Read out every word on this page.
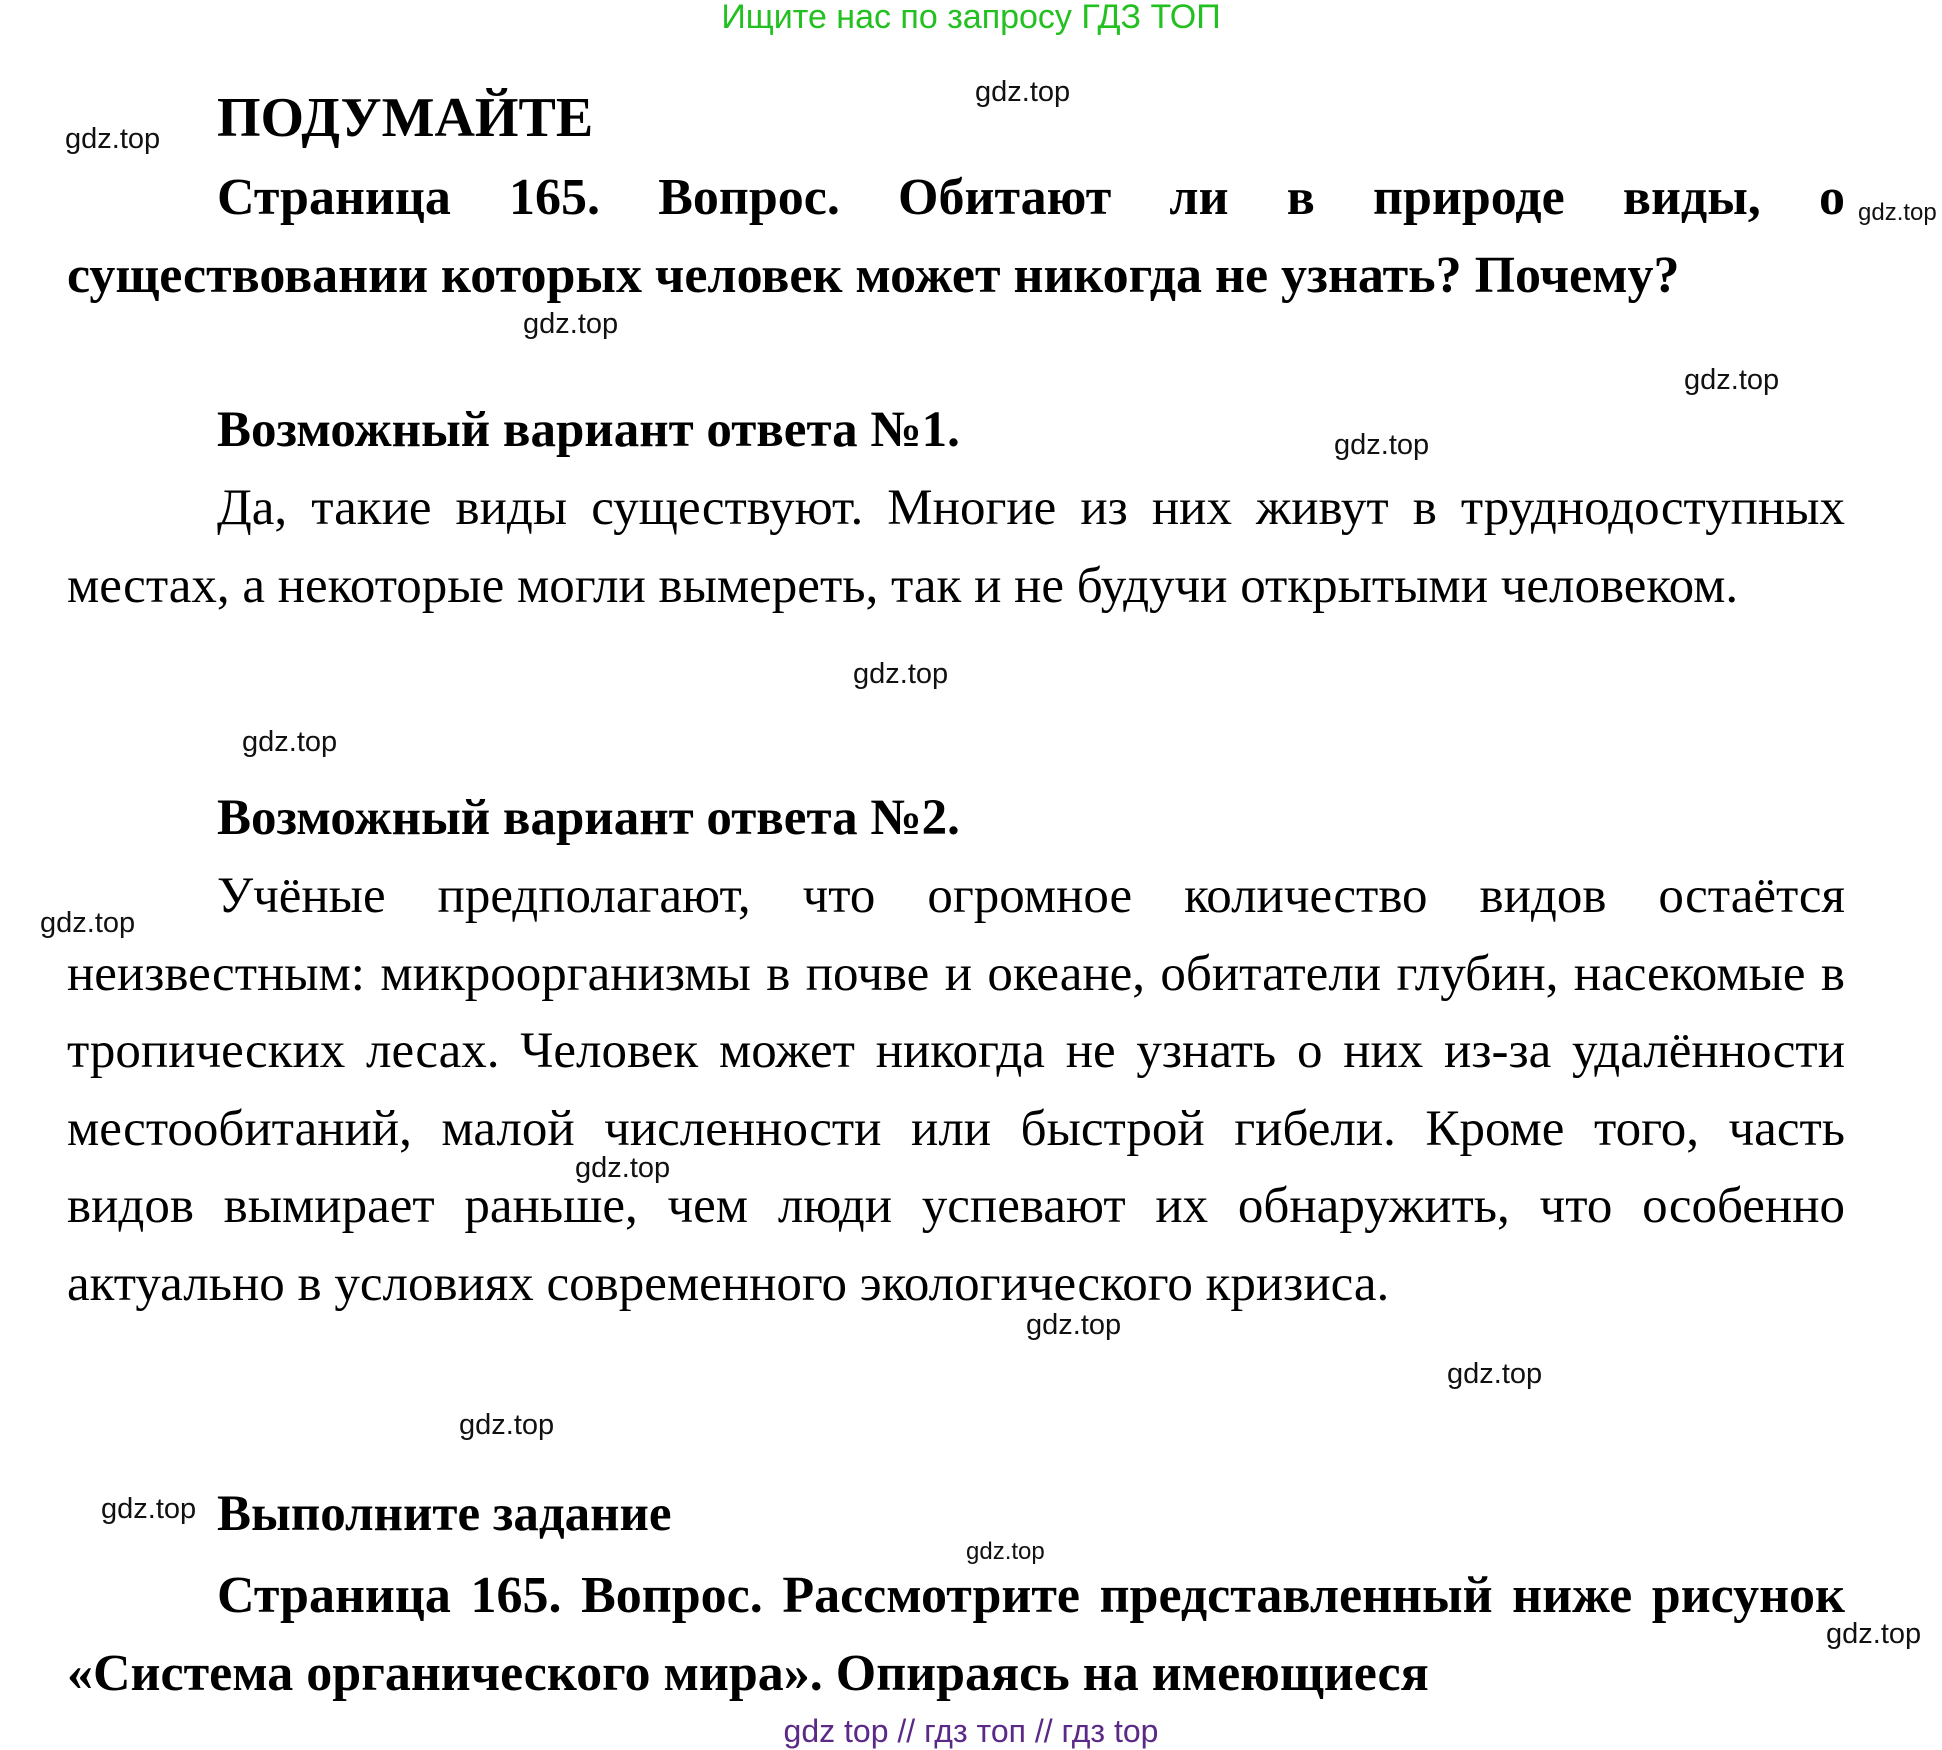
Ищите нас по запросу ГДЗ ТОП
gdz.top
gdz.top
gdz.top
gdz.top
gdz.top
gdz.top
gdz.top
gdz.top
gdz.top
gdz.top
gdz.top
gdz.top
gdz.top
gdz.top
gdz.top
gdz.top
ПОДУМАЙТЕ

Страница 165. Вопрос. Обитают ли в природе виды, о существовании которых человек может никогда не узнать? Почему?

Возможный вариант ответа №1.

Да, такие виды существуют. Многие из них живут в труднодоступных местах, а некоторые могли вымереть, так и не будучи открытыми человеком.

Возможный вариант ответа №2.

Учёные предполагают, что огромное количество видов остаётся неизвестным: микроорганизмы в почве и океане, обитатели глубин, насекомые в тропических лесах. Человек может никогда не узнать о них из-за удалённости местообитаний, малой численности или быстрой гибели. Кроме того, часть видов вымирает раньше, чем люди успевают их обнаружить, что особенно актуально в условиях современного экологического кризиса.

Выполните задание

Страница 165. Вопрос. Рассмотрите представленный ниже рисунок «Система органического мира». Опираясь на имеющиеся

gdz top // гдз топ // гдз top
